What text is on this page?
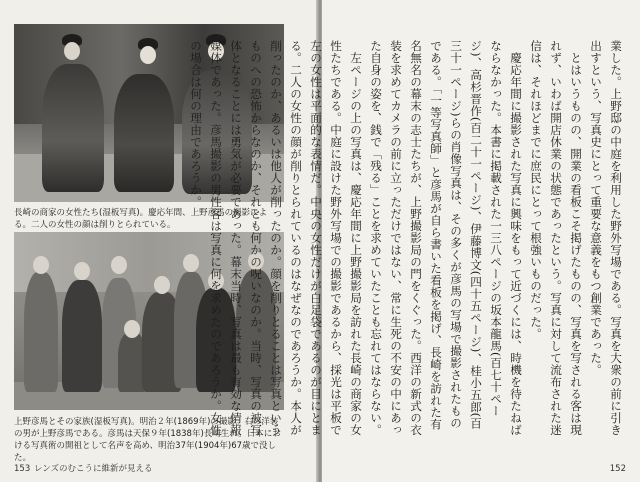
長崎の商家の女性たち(湿板写真)。慶応年間、上野彦馬の撮影による。二人の女性の顔は削りとられている。

上野彦馬とその家族(湿板写真)。明治２年(1869年)の撮影。右の洋装の男が上野彦馬である。彦馬は天保９年(1838年)長崎生れ。日本における写真術の開祖として名声を高め、明治37年(1904年)67歳で没した。

153 レンズのむこうに維新が見える

業した。上野邸の中庭を利用した野外写場である。写真を大衆の前に引き出すという、写真史にとって重要な意義をもつ創業であった。

とはいうものの、開業の看板こそ掲げたものの、写真を写される客は現れず、いわば開店休業の状態であったという。写真に対して流布された迷信は、それほどまでに庶民にとって根強いものだった。

慶応年間に撮影された写真に興味をもって近づくには、時機を待たねばならなかった。本書に掲載された一三八ページの坂本龍馬(百七十ページ)、高杉晋作(百二十一ページ)、伊藤博文(四十五ページ)、桂小五郎(百三十一ページ)らの肖像写真は、その多くが彦馬の写場で撮影されたものである。「一等写真師」と彦馬が自ら書いた看板を掲げ、長崎を訪れた有名無名の幕末の志士たちが、上野撮影局の門をくぐった。西洋の新式の衣装を求めてカメラの前に立っただけではない、常に生死の不安の中にあった自身の姿を、銭で「残る」ことを求めていたことも忘れてはならない。

左ページの上の写真は、慶応年間に上野撮影局を訪れた長崎の商家の女性たちである。中庭に設けた野外写場での撮影であるから、採光は平板で左の女性は平面的な表情だ。中央の女性だけが白足袋であるのが目にとまる。二人の女性の顔が削りとられているのはなぜなのであろうか。本人が削ったのか、あるいは他人が削ったのか。顔を削りとることは写真というものへの恐怖からなのか、それとも何かの呪いなのか。当時、写真の被写体となることには勇気が必要であった。幕末当時、写真は最も有効な情報媒体であった。彦馬撮影の男性客は写真に何を求めたのであろうか。女性の場合は何の理由であろうか。

152
